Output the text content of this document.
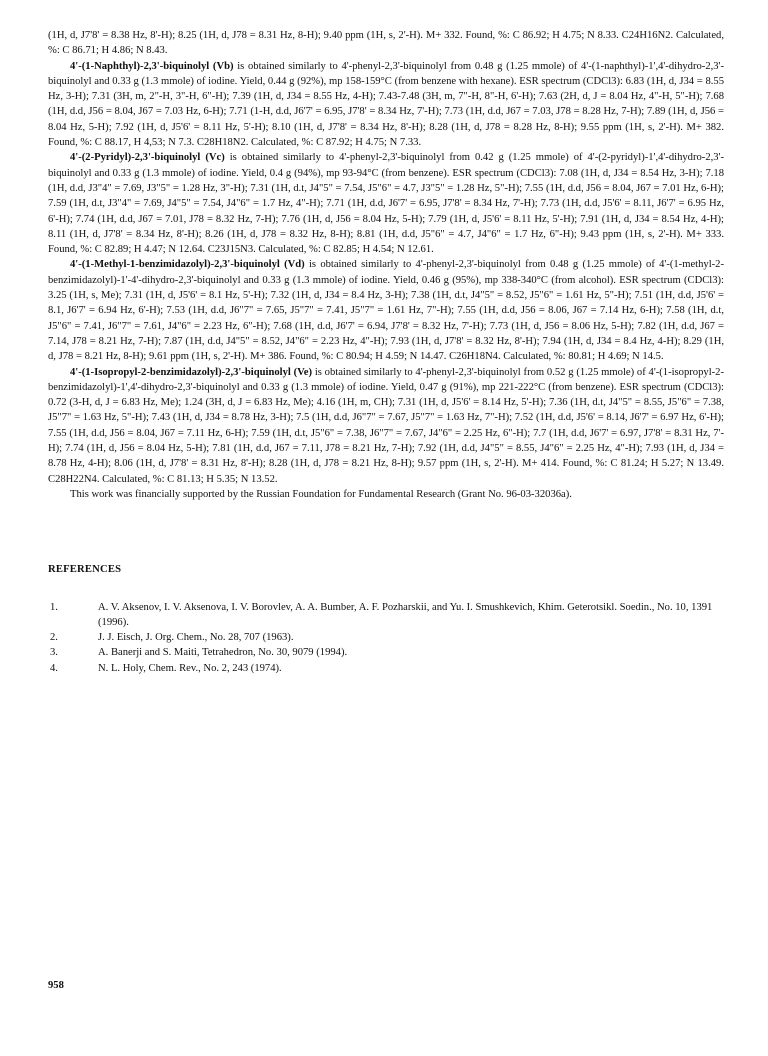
(1H, d, J7'8' = 8.38 Hz, 8'-H); 8.25 (1H, d, J78 = 8.31 Hz, 8-H); 9.40 ppm (1H, s, 2'-H). M+ 332. Found, %: C 86.92; H 4.75; N 8.33. C24H16N2. Calculated, %: C 86.71; H 4.86; N 8.43.

4'-(1-Naphthyl)-2,3'-biquinolyl (Vb) is obtained similarly to 4'-phenyl-2,3'-biquinolyl from 0.48 g (1.25 mmole) of 4'-(1-naphthyl)-1',4'-dihydro-2,3'-biquinolyl and 0.33 g (1.3 mmole) of iodine. Yield, 0.44 g (92%), mp 158-159°C (from benzene with hexane). ESR spectrum (CDCl3): 6.83 (1H, d, J34 = 8.55 Hz, 3-H); 7.31 (3H, m, 2"-H, 3"-H, 6"-H); 7.39 (1H, d, J34 = 8.55 Hz, 4-H); 7.43-7.48 (3H, m, 7"-H, 8"-H, 6'-H); 7.63 (2H, d, J = 8.04 Hz, 4"-H, 5"-H); 7.68 (1H, d.d, J56 = 8.04, J67 = 7.03 Hz, 6-H); 7.71 (1-H, d.d, J6'7' = 6.95, J7'8' = 8.34 Hz, 7'-H); 7.73 (1H, d.d, J67 = 7.03, J78 = 8.28 Hz, 7-H); 7.89 (1H, d, J56 = 8.04 Hz, 5-H); 7.92 (1H, d, J5'6' = 8.11 Hz, 5'-H); 8.10 (1H, d, J7'8' = 8.34 Hz, 8'-H); 8.28 (1H, d, J78 = 8.28 Hz, 8-H); 9.55 ppm (1H, s, 2'-H). M+ 382. Found, %: C 88.17, H 4,53; N 7.3. C28H18N2. Calculated, %: C 87.92; H 4.75; N 7.33.

4'-(2-Pyridyl)-2,3'-biquinolyl (Vc) is obtained similarly to 4'-phenyl-2,3'-biquinolyl from 0.42 g (1.25 mmole) of 4'-(2-pyridyl)-1',4'-dihydro-2,3'-biquinolyl and 0.33 g (1.3 mmole) of iodine. Yield, 0.4 g (94%), mp 93-94°C (from benzene). ESR spectrum (CDCl3): 7.08 (1H, d, J34 = 8.54 Hz, 3-H); 7.18 (1H, d.d, J3"4" = 7.69, J3"5" = 1.28 Hz, 3"-H); 7.31 (1H, d.t, J4"5" = 7.54, J5"6" = 4.7, J3"5" = 1.28 Hz, 5"-H); 7.55 (1H, d.d, J56 = 8.04, J67 = 7.01 Hz, 6-H); 7.59 (1H, d.t, J3"4" = 7.69, J4"5" = 7.54, J4"6" = 1.7 Hz, 4"-H); 7.71 (1H, d.d, J6'7' = 6.95, J7'8' = 8.34 Hz, 7'-H); 7.73 (1H, d.d, J5'6' = 8.11, J6'7' = 6.95 Hz, 6'-H); 7.74 (1H, d.d, J67 = 7.01, J78 = 8.32 Hz, 7-H); 7.76 (1H, d, J56 = 8.04 Hz, 5-H); 7.79 (1H, d, J5'6' = 8.11 Hz, 5'-H); 7.91 (1H, d, J34 = 8.54 Hz, 4-H); 8.11 (1H, d, J7'8' = 8.34 Hz, 8'-H); 8.26 (1H, d, J78 = 8.32 Hz, 8-H); 8.81 (1H, d.d, J5"6" = 4.7, J4"6" = 1.7 Hz, 6"-H); 9.43 ppm (1H, s, 2'-H). M+ 333. Found, %: C 82.89; H 4.47; N 12.64. C23J15N3. Calculated, %: C 82.85; H 4.54; N 12.61.

4'-(1-Methyl-1-benzimidazolyl)-2,3'-biquinolyl (Vd) is obtained similarly to 4'-phenyl-2,3'-biquinolyl from 0.48 g (1.25 mmole) of 4'-(1-methyl-2-benzimidazolyl)-1'-4'-dihydro-2,3'-biquinolyl and 0.33 g (1.3 mmole) of iodine. Yield, 0.46 g (95%), mp 338-340°C (from alcohol). ESR spectrum (CDCl3): 3.25 (1H, s, Me); 7.31 (1H, d, J5'6' = 8.1 Hz, 5'-H); 7.32 (1H, d, J34 = 8.4 Hz, 3-H); 7.38 (1H, d.t, J4"5" = 8.52, J5"6" = 1.61 Hz, 5"-H); 7.51 (1H, d.d, J5'6' = 8.1, J6'7' = 6.94 Hz, 6'-H); 7.53 (1H, d.d, J6"7" = 7.65, J5"7" = 7.41, J5"7" = 1.61 Hz, 7"-H); 7.55 (1H, d.d, J56 = 8.06, J67 = 7.14 Hz, 6-H); 7.58 (1H, d.t, J5"6" = 7.41, J6"7" = 7.61, J4"6" = 2.23 Hz, 6"-H); 7.68 (1H, d.d, J6'7' = 6.94, J7'8' = 8.32 Hz, 7'-H); 7.73 (1H, d, J56 = 8.06 Hz, 5-H); 7.82 (1H, d.d, J67 = 7.14, J78 = 8.21 Hz, 7-H); 7.87 (1H, d.d, J4"5" = 8.52, J4"6" = 2.23 Hz, 4"-H); 7.93 (1H, d, J7'8' = 8.32 Hz, 8'-H); 7.94 (1H, d, J34 = 8.4 Hz, 4-H); 8.29 (1H, d, J78 = 8.21 Hz, 8-H); 9.61 ppm (1H, s, 2'-H). M+ 386. Found, %: C 80.94; H 4.59; N 14.47. C26H18N4. Calculated, %: 80.81; H 4.69; N 14.5.

4'-(1-Isopropyl-2-benzimidazolyl)-2,3'-biquinolyl (Ve) is obtained similarly to 4'-phenyl-2,3'-biquinolyl from 0.52 g (1.25 mmole) of 4'-(1-isopropyl-2-benzimidazolyl)-1',4'-dihydro-2,3'-biquinolyl and 0.33 g (1.3 mmole) of iodine. Yield, 0.47 g (91%), mp 221-222°C (from benzene). ESR spectrum (CDCl3): 0.72 (3-H, d, J = 6.83 Hz, Me); 1.24 (3H, d, J = 6.83 Hz, Me); 4.16 (1H, m, CH); 7.31 (1H, d, J5'6' = 8.14 Hz, 5'-H); 7.36 (1H, d.t, J4"5" = 8.55, J5"6" = 7.38, J5"7" = 1.63 Hz, 5"-H); 7.43 (1H, d, J34 = 8.78 Hz, 3-H); 7.5 (1H, d.d, J6"7" = 7.67, J5"7" = 1.63 Hz, 7"-H); 7.52 (1H, d.d, J5'6' = 8.14, J6'7' = 6.97 Hz, 6'-H); 7.55 (1H, d.d, J56 = 8.04, J67 = 7.11 Hz, 6-H); 7.59 (1H, d.t, J5"6" = 7.38, J6"7" = 7.67, J4"6" = 2.25 Hz, 6"-H); 7.7 (1H, d.d, J6'7' = 6.97, J7'8' = 8.31 Hz, 7'-H); 7.74 (1H, d, J56 = 8.04 Hz, 5-H); 7.81 (1H, d.d, J67 = 7.11, J78 = 8.21 Hz, 7-H); 7.92 (1H, d.d, J4"5" = 8.55, J4"6" = 2.25 Hz, 4"-H); 7.93 (1H, d, J34 = 8.78 Hz, 4-H); 8.06 (1H, d, J7'8' = 8.31 Hz, 8'-H); 8.28 (1H, d, J78 = 8.21 Hz, 8-H); 9.57 ppm (1H, s, 2'-H). M+ 414. Found, %: C 81.24; H 5.27; N 13.49. C28H22N4. Calculated, %: C 81.13; H 5.35; N 13.52.

This work was financially supported by the Russian Foundation for Fundamental Research (Grant No. 96-03-32036a).

REFERENCES
1.	A. V. Aksenov, I. V. Aksenova, I. V. Borovlev, A. A. Bumber, A. F. Pozharskii, and Yu. I. Smushkevich, Khim. Geterotsikl. Soedin., No. 10, 1391 (1996).
2.	J. J. Eisch, J. Org. Chem., No. 28, 707 (1963).
3.	A. Banerji and S. Maiti, Tetrahedron, No. 30, 9079 (1994).
4.	N. L. Holy, Chem. Rev., No. 2, 243 (1974).
958
